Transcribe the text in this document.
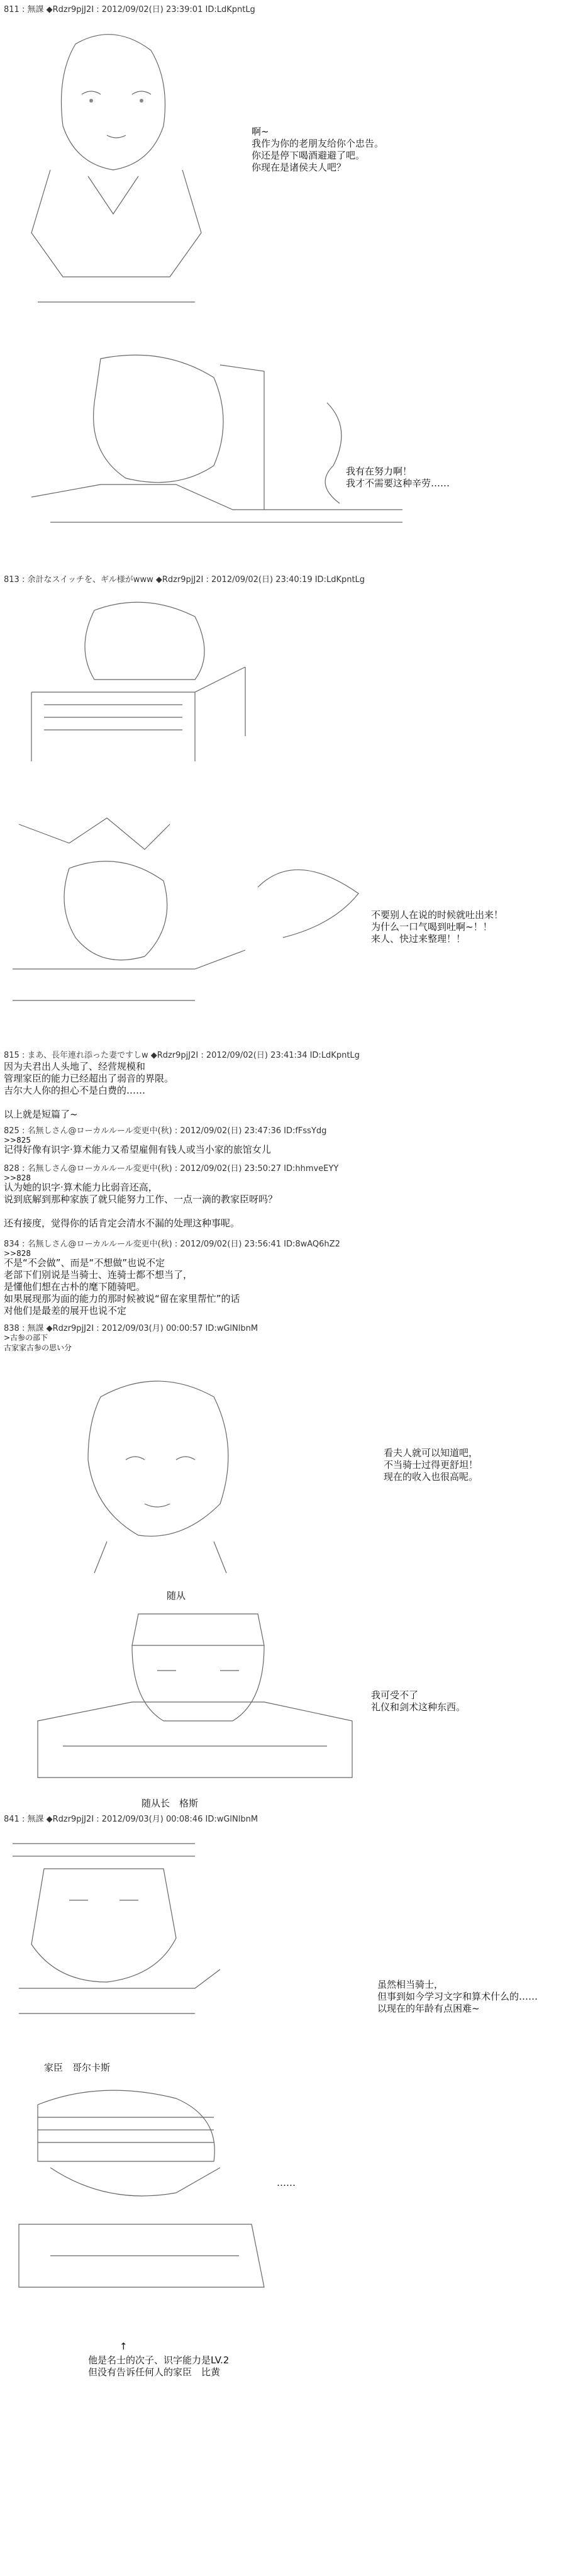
811 : 無課 ◆Rdzr9pjJ2I : 2012/09/02(日) 23:39:01 ID:LdKpntLg
啊~
我作为你的老朋友给你个忠告。
你还是停下喝酒避避了吧。
你现在是诸侯夫人吧？
我有在努力啊！
我才不需要这种辛劳……
813 : 余計なスイッチを、ギル様がwww ◆Rdzr9pjJ2I : 2012/09/02(日) 23:40:19 ID:LdKpntLg
不要别人在说的时候就吐出来！
为什么一口气喝到吐啊~！！
来人、快过来整理！！
815 : まあ、長年連れ添った妻ですしw ◆Rdzr9pjJ2I : 2012/09/02(日) 23:41:34 ID:LdKpntLg
因为夫君出人头地了、经营规模和
管理家臣的能力已经超出了弱音的界限。
吉尔大人你的担心不是白费的……

以上就是短篇了~
825 : 名無しさん@ローカルルール変更中(秋) : 2012/09/02(日) 23:47:36 ID:fFssYdg
>>825
记得好像有识字·算术能力又希望雇佣有钱人或当小家的旅馆女儿
828 : 名無しさん@ローカルルール変更中(秋) : 2012/09/02(日) 23:50:27 ID:hhmveEYY
>>828
认为她的识字·算术能力比弱音还高，
说到底解到那种家族了就只能努力工作、一点一滴的教家臣呀吗？

还有接度，觉得你的话肯定会清水不漏的处理这种事呢。
834 : 名無しさん@ローカルルール変更中(秋) : 2012/09/02(日) 23:56:41 ID:8wAQ6hZ2
>>828
不是“不会做”、而是“不想做”也说不定
老部下们别说是当骑士、连骑士都不想当了，
是懂他们想在古朴的麾下随骑吧。
如果展现那为面的能力的那时候被说“留在家里帮忙”的话
对他们是最差的展开也说不定
838 : 無課 ◆Rdzr9pjJ2I : 2012/09/03(月) 00:00:57 ID:wGlNlbnM
>古参の部下
古家家古参の思い分
看夫人就可以知道吧，
不当骑士过得更舒坦！
现在的收入也很高呢。
随从
我可受不了
礼仪和剑术这种东西。
随从长　格斯
841 : 無課 ◆Rdzr9pjJ2I : 2012/09/03(月) 00:08:46 ID:wGlNlbnM
虽然相当骑士，
但事到如今学习文字和算术什么的……
以现在的年龄有点困难~
家臣　哥尔卡斯
……
↑
他是名士的次子、识字能力是LV.2
但没有告诉任何人的家臣　比黄
